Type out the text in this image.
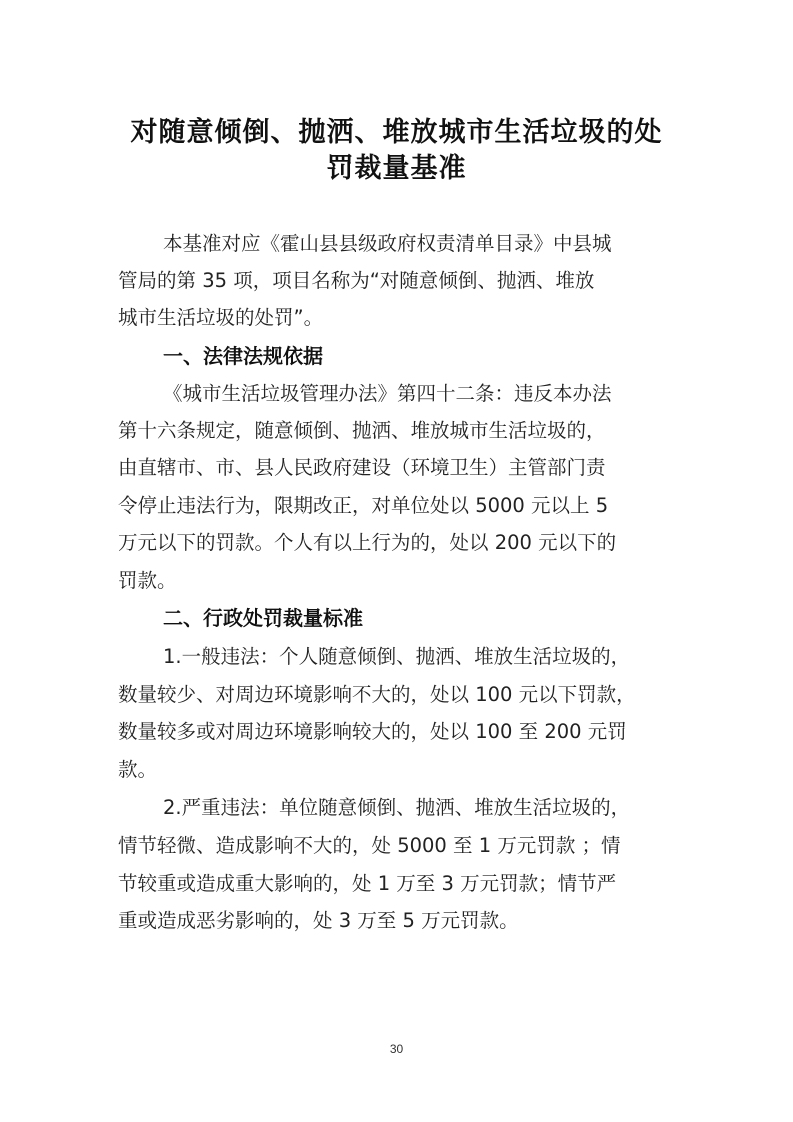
对随意倾倒、抛洒、堆放城市生活垃圾的处
罚裁量基准
本基准对应《霍山县县级政府权责清单目录》中县城
管局的第 35 项，项目名称为“对随意倾倒、抛洒、堆放
城市生活垃圾的处罚”。
一、法律法规依据
《城市生活垃圾管理办法》第四十二条：违反本办法
第十六条规定，随意倾倒、抛洒、堆放城市生活垃圾的，
由直辖市、市、县人民政府建设（环境卫生）主管部门责
令停止违法行为，限期改正，对单位处以 5000 元以上 5
万元以下的罚款。个人有以上行为的，处以 200 元以下的
罚款。
二、行政处罚裁量标准
1.一般违法：个人随意倾倒、抛洒、堆放生活垃圾的，
数量较少、对周边环境影响不大的，处以 100 元以下罚款，
数量较多或对周边环境影响较大的，处以 100 至 200 元罚
款。
2.严重违法：单位随意倾倒、抛洒、堆放生活垃圾的，
情节轻微、造成影响不大的，处 5000 至 1 万元罚款 ；情
节较重或造成重大影响的，处 1 万至 3 万元罚款；情节严
重或造成恶劣影响的，处 3 万至 5 万元罚款。
30
